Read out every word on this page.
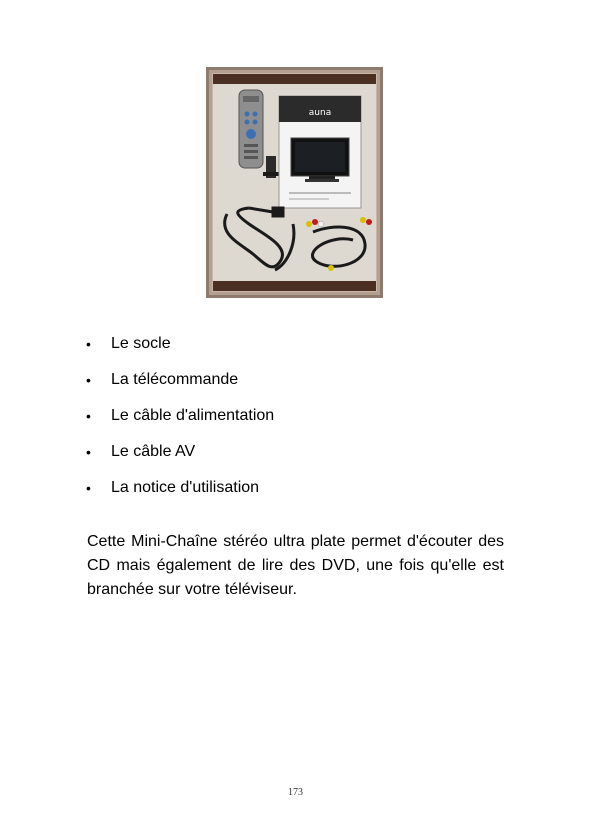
auna
• Le socle
• La télécommande
• Le câble d'alimentation
• Le câble AV
• La notice d'utilisation

Cette Mini-Chaîne stéréo ultra plate permet d'écouter des CD mais également de lire des DVD, une fois qu'elle est branchée sur votre téléviseur.

173
